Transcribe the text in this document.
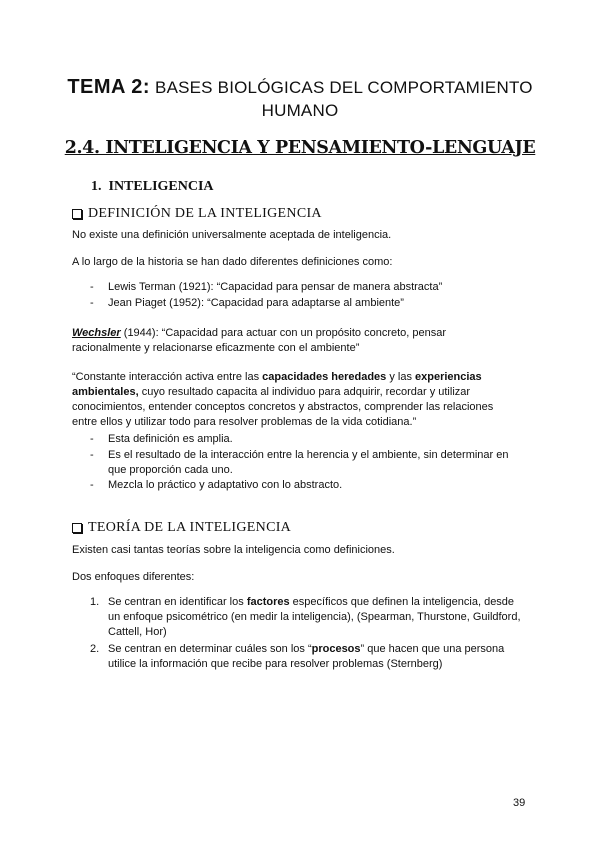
TEMA 2: BASES BIOLÓGICAS DEL COMPORTAMIENTO
HUMANO
2.4. INTELIGENCIA Y PENSAMIENTO-LENGUAJE
1. INTELIGENCIA
DEFINICIÓN DE LA INTELIGENCIA
No existe una definición universalmente aceptada de inteligencia.
A lo largo de la historia se han dado diferentes definiciones como:
-	Lewis Terman (1921): “Capacidad para pensar de manera abstracta”
-	Jean Piaget (1952): “Capacidad para adaptarse al ambiente”
Wechsler (1944): “Capacidad para actuar con un propósito concreto, pensar
racionalmente y relacionarse eficazmente con el ambiente”
“Constante interacción activa entre las capacidades heredades y las experiencias
ambientales, cuyo resultado capacita al individuo para adquirir, recordar y utilizar
conocimientos, entender conceptos concretos y abstractos, comprender las relaciones
entre ellos y utilizar todo para resolver problemas de la vida cotidiana.”
-	Esta definición es amplia.
-	Es el resultado de la interacción entre la herencia y el ambiente, sin determinar en
que proporción cada uno.
-	Mezcla lo práctico y adaptativo con lo abstracto.
TEORÍA DE LA INTELIGENCIA
Existen casi tantas teorías sobre la inteligencia como definiciones.
Dos enfoques diferentes:
1. Se centran en identificar los factores específicos que definen la inteligencia, desde
un enfoque psicométrico (en medir la inteligencia), (Spearman, Thurstone, Guildford,
Cattell, Hor)
2. Se centran en determinar cuáles son los “procesos” que hacen que una persona
utilice la información que recibe para resolver problemas (Sternberg)
39
